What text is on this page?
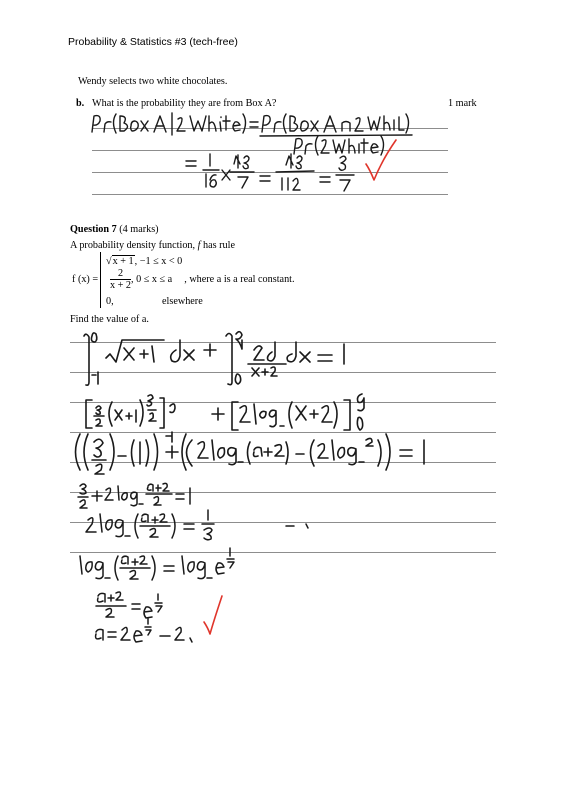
Probability & Statistics #3 (tech-free)
Wendy selects two white chocolates.
b. What is the probability they are from Box A?	1 mark
Question 7 (4 marks)
A probability density function, f has rule
f (x) =
√x + 1, −1 ≤ x < 0
$\frac{2}{x + 2}$ , 0 ≤ x ≤ a , where a is a real constant.
0,	elsewhere
Find the value of a.
